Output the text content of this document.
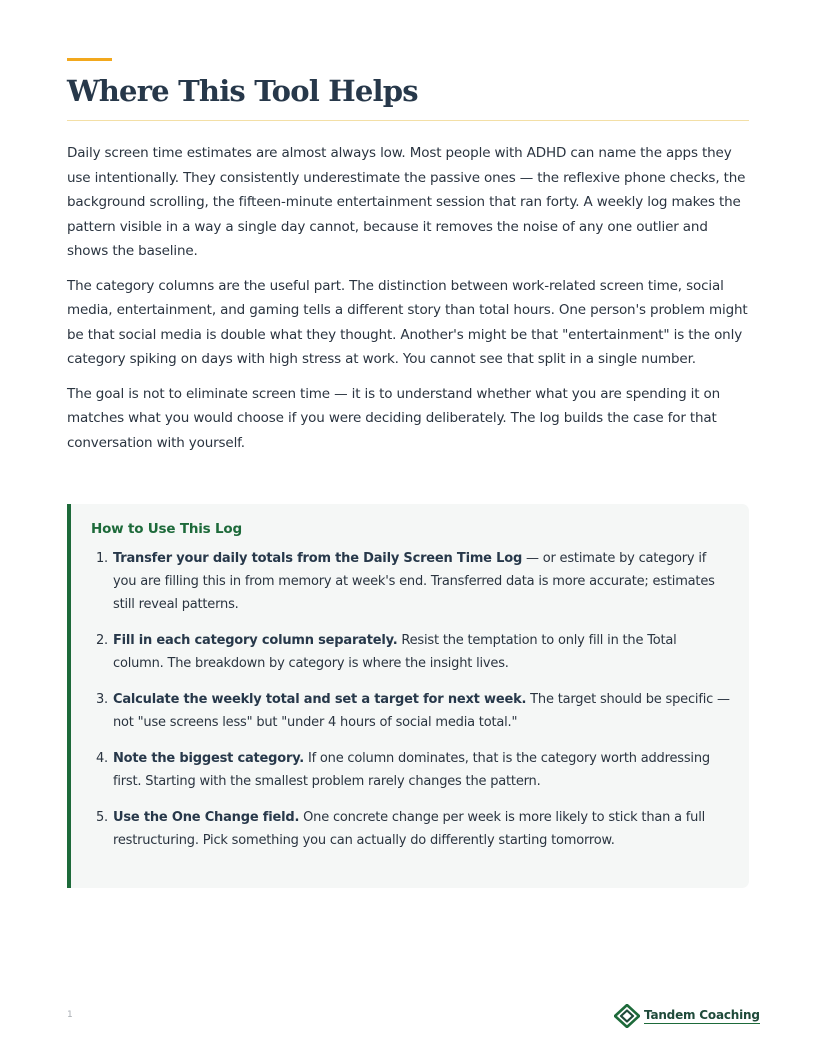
Where This Tool Helps

Daily screen time estimates are almost always low. Most people with ADHD can name the apps they use intentionally. They consistently underestimate the passive ones — the reflexive phone checks, the background scrolling, the fifteen-minute entertainment session that ran forty. A weekly log makes the pattern visible in a way a single day cannot, because it removes the noise of any one outlier and shows the baseline.

The category columns are the useful part. The distinction between work-related screen time, social media, entertainment, and gaming tells a different story than total hours. One person's problem might be that social media is double what they thought. Another's might be that "entertainment" is the only category spiking on days with high stress at work. You cannot see that split in a single number.

The goal is not to eliminate screen time — it is to understand whether what you are spending it on matches what you would choose if you were deciding deliberately. The log builds the case for that conversation with yourself.

How to Use This Log
1. Transfer your daily totals from the Daily Screen Time Log — or estimate by category if you are filling this in from memory at week's end. Transferred data is more accurate; estimates still reveal patterns.
2. Fill in each category column separately. Resist the temptation to only fill in the Total column. The breakdown by category is where the insight lives.
3. Calculate the weekly total and set a target for next week. The target should be specific — not "use screens less" but "under 4 hours of social media total."
4. Note the biggest category. If one column dominates, that is the category worth addressing first. Starting with the smallest problem rarely changes the pattern.
5. Use the One Change field. One concrete change per week is more likely to stick than a full restructuring. Pick something you can actually do differently starting tomorrow.
1	Tandem Coaching
